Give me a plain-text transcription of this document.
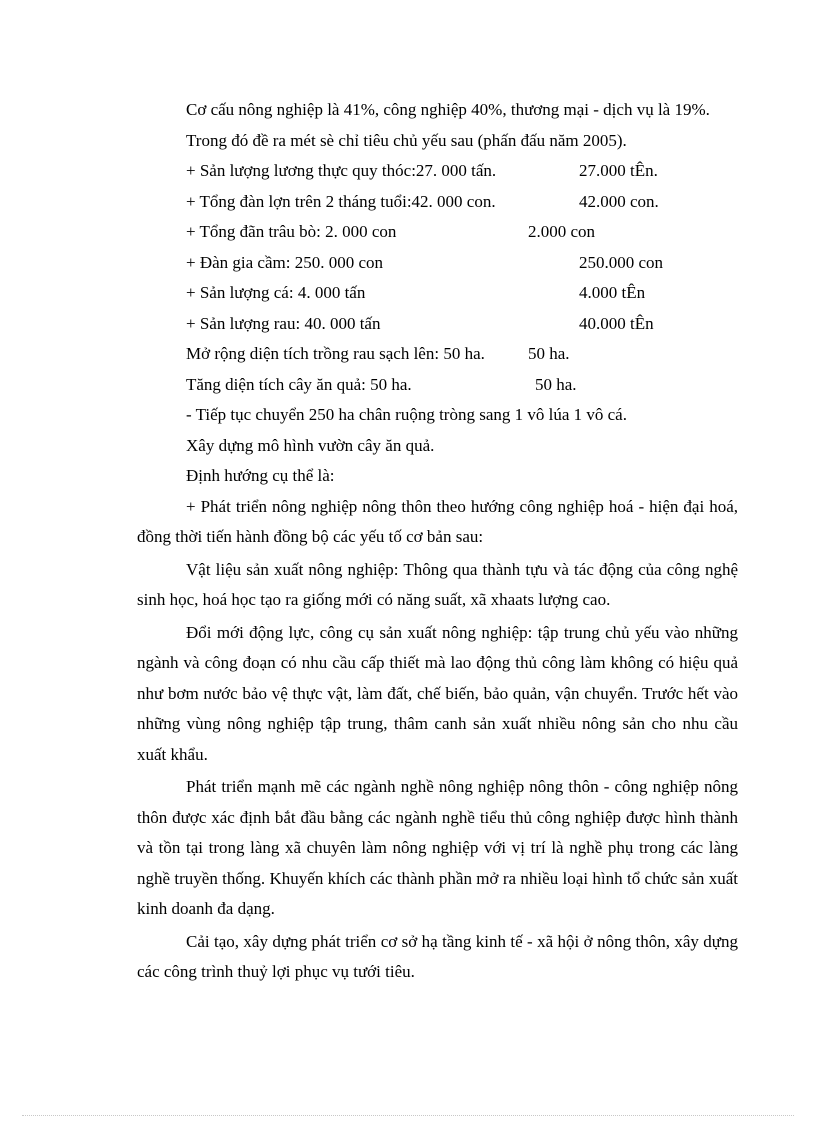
Cơ cấu nông nghiệp là 41%, công nghiệp 40%, thương mại - dịch vụ là 19%.

Trong đó đề ra mét sè chỉ tiêu chủ yếu sau (phấn đấu năm 2005).

+ Sản lượng lương thực quy thóc:27. 000 tấn.	27.000 tÊn.
+ Tổng đàn lợn trên 2 tháng tuổi:42. 000 con.	42.000 con.
+ Tổng đãn trâu bò: 2. 000 con	2.000 con
+ Đàn gia cầm: 250. 000 con	250.000 con
+ Sản lượng cá: 4. 000 tấn	4.000 tÊn
+ Sản lượng rau: 40. 000 tấn	40.000 tÊn
Mở rộng diện tích trồng rau sạch lên: 50 ha.	50 ha.
Tăng diện tích cây ăn quả: 50 ha.	50 ha.

- Tiếp tục chuyển 250 ha chân ruộng tròng sang 1 vô lúa 1 vô cá.

Xây dựng mô hình vườn cây ăn quả.

Định hướng cụ thể là:

+ Phát triển nông nghiệp nông thôn theo hướng công nghiệp hoá - hiện đại hoá, đồng thời tiến hành đồng bộ các yếu tố cơ bản sau:

Vật liệu sản xuất nông nghiệp: Thông qua thành tựu và tác động của công nghệ sinh học, hoá học tạo ra giống mới có năng suất, xã xhaats lượng cao.

Đổi mới động lực, công cụ sản xuất nông nghiệp: tập trung chủ yếu vào những ngành và công đoạn có nhu cầu cấp thiết mà lao động thủ công làm không có hiệu quả như bơm nước bảo vệ thực vật, làm đất, chế biến, bảo quản, vận chuyển. Trước hết vào những vùng nông nghiệp tập trung, thâm canh sản xuất nhiều nông sản cho nhu cầu xuất khẩu.

Phát triển mạnh mẽ các ngành nghề nông nghiệp nông thôn - công nghiệp nông thôn được xác định bắt đầu bằng các ngành nghề tiểu thủ công nghiệp được hình thành và tồn tại trong làng xã chuyên làm nông nghiệp với vị trí là nghề phụ trong các làng nghề truyền thống. Khuyến khích các thành phần mở ra nhiều loại hình tổ chức sản xuất kinh doanh đa dạng.

Cải tạo, xây dựng phát triển cơ sở hạ tầng kinh tế - xã hội ở nông thôn, xây dựng các công trình thuỷ lợi phục vụ tưới tiêu.
